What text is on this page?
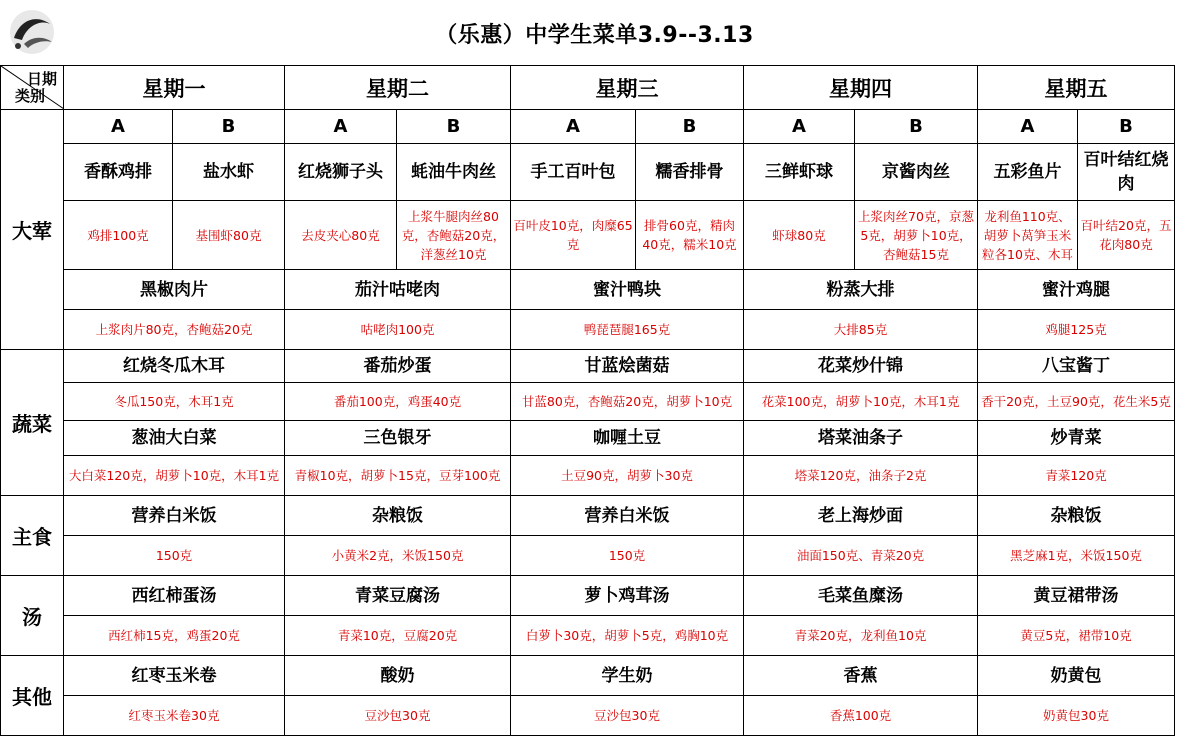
（乐惠）中学生菜单3.9--3.13
日期
类别	星期一		星期二		星期三		星期四		星期五	
大荤	A	B	A	B	A	B	A	B	A	B
	香酥鸡排	盐水虾	红烧狮子头	蚝油牛肉丝	手工百叶包	糯香排骨	三鲜虾球	京酱肉丝	五彩鱼片	百叶结红烧肉
	鸡排100克	基围虾80克	去皮夹心80克	上浆牛腿肉丝80克，杏鲍菇20克，洋葱丝10克	百叶皮10克，肉糜65克	排骨60克，精肉40克，糯米10克	虾球80克	上浆肉丝70克，京葱5克，胡萝卜10克，杏鲍菇15克	龙利鱼110克、胡萝卜莴笋玉米粒各10克、木耳	百叶结20克，五花肉80克
	黑椒肉片		茄汁咕咾肉		蜜汁鸭块		粉蒸大排		蜜汁鸡腿	
	上浆肉片80克，杏鲍菇20克		咕咾肉100克		鸭琵琶腿165克		大排85克		鸡腿125克	
蔬菜	红烧冬瓜木耳		番茄炒蛋		甘蓝烩菌菇		花菜炒什锦		八宝酱丁	
	冬瓜150克，木耳1克		番茄100克，鸡蛋40克		甘蓝80克，杏鲍菇20克，胡萝卜10克		花菜100克，胡萝卜10克，木耳1克		香干20克，土豆90克，花生米5克	
	葱油大白菜		三色银牙		咖喱土豆		塔菜油条子		炒青菜	
	大白菜120克，胡萝卜10克，木耳1克		青椒10克，胡萝卜15克，豆芽100克		土豆90克，胡萝卜30克		塔菜120克，油条子2克		青菜120克	
主食	营养白米饭		杂粮饭		营养白米饭		老上海炒面		杂粮饭	
	150克		小黄米2克，米饭150克		150克		油面150克、青菜20克		黑芝麻1克，米饭150克	
汤	西红柿蛋汤		青菜豆腐汤		萝卜鸡茸汤		毛菜鱼糜汤		黄豆裙带汤	
	西红柿15克，鸡蛋20克		青菜10克，豆腐20克		白萝卜30克，胡萝卜5克，鸡胸10克		青菜20克，龙利鱼10克		黄豆5克，裙带10克	
其他	红枣玉米卷		酸奶		学生奶		香蕉		奶黄包	
	红枣玉米卷30克		豆沙包30克		豆沙包30克		香蕉100克		奶黄包30克	
